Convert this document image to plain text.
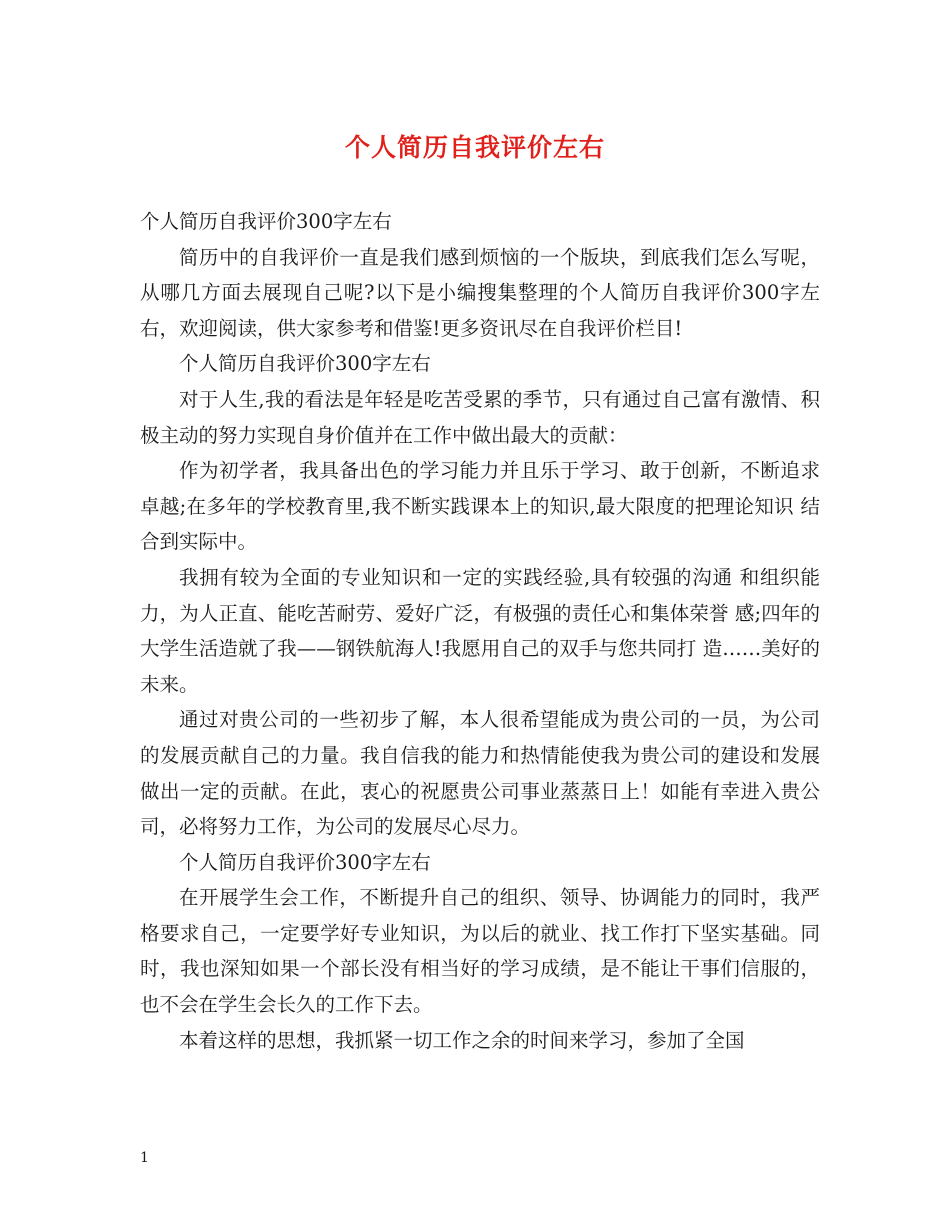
个人简历自我评价左右

个人简历自我评价300字左右

简历中的自我评价一直是我们感到烦恼的一个版块，到底我们怎么写呢，从哪几方面去展现自己呢?以下是小编搜集整理的个人简历自我评价300字左右，欢迎阅读，供大家参考和借鉴!更多资讯尽在自我评价栏目!

个人简历自我评价300字左右

对于人生,我的看法是年轻是吃苦受累的季节，只有通过自己富有激情、积 极主动的努力实现自身价值并在工作中做出最大的贡献：

作为初学者，我具备出色的学习能力并且乐于学习、敢于创新，不断追求 卓越;在多年的学校教育里,我不断实践课本上的知识,最大限度的把理论知识 结合到实际中。

我拥有较为全面的专业知识和一定的实践经验,具有较强的沟通 和组织能力，为人正直、能吃苦耐劳、爱好广泛，有极强的责任心和集体荣誉 感;四年的大学生活造就了我——钢铁航海人!我愿用自己的双手与您共同打 造……美好的未来。

通过对贵公司的一些初步了解，本人很希望能成为贵公司的一员，为公司 的发展贡献自己的力量。我自信我的能力和热情能使我为贵公司的建设和发展 做出一定的贡献。在此，衷心的祝愿贵公司事业蒸蒸日上！如能有幸进入贵公 司，必将努力工作，为公司的发展尽心尽力。

个人简历自我评价300字左右

在开展学生会工作，不断提升自己的组织、领导、协调能力的同时，我严格要求自己，一定要学好专业知识，为以后的就业、找工作打下坚实基础。同时，我也深知如果一个部长没有相当好的学习成绩，是不能让干事们信服的，也不会在学生会长久的工作下去。

本着这样的思想，我抓紧一切工作之余的时间来学习，参加了全国

1
